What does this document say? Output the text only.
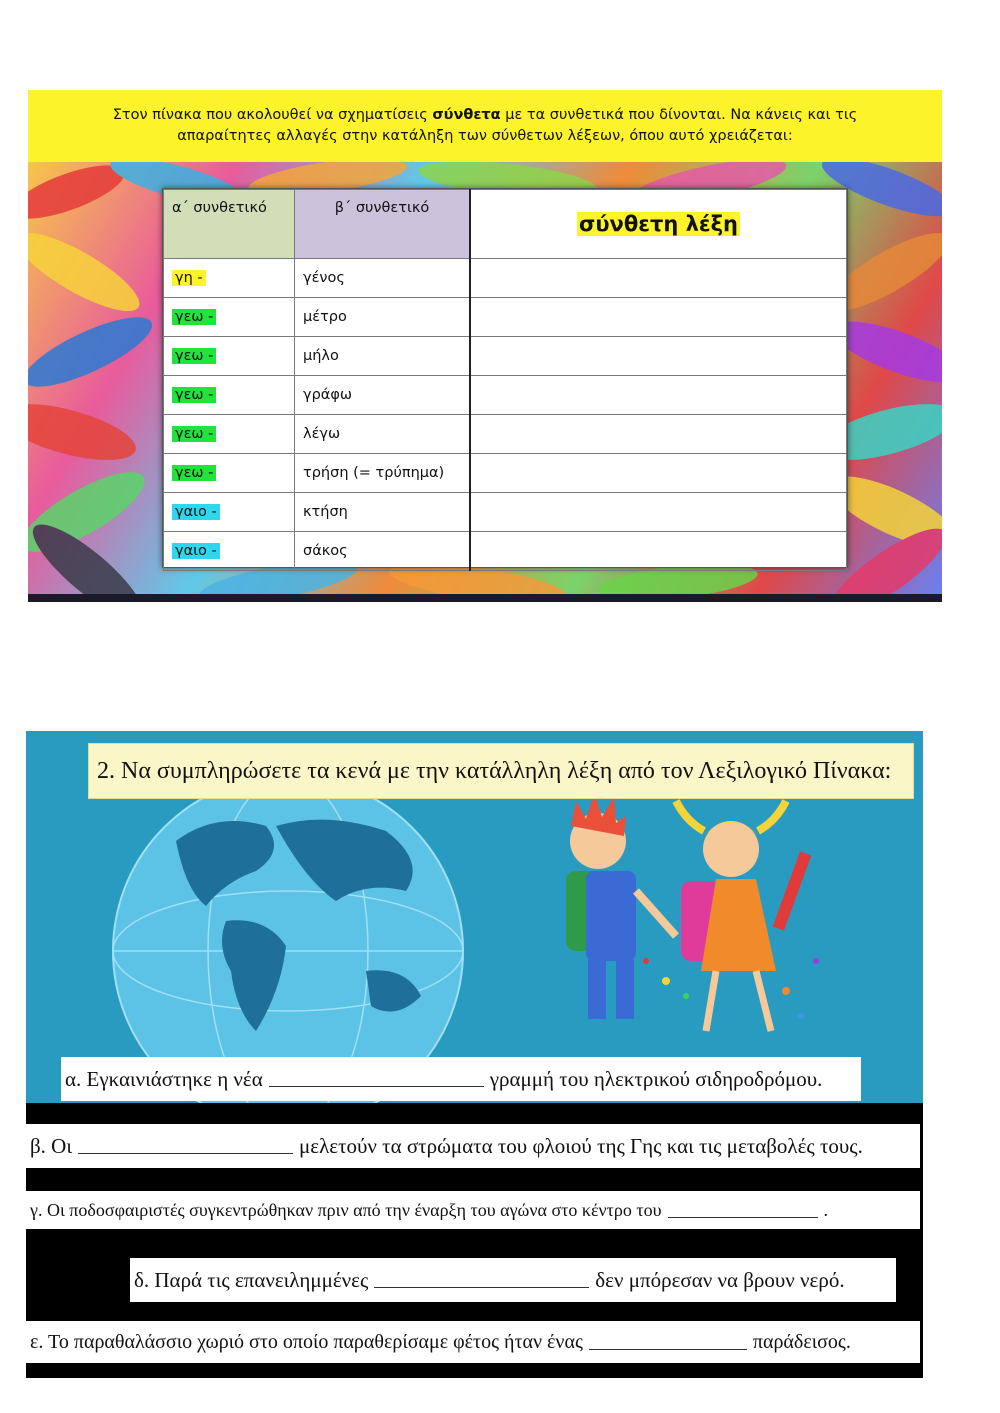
Στον πίνακα που ακολουθεί να σχηματίσεις σύνθετα με τα συνθετικά που δίνονται. Να κάνεις και τις
απαραίτητες αλλαγές στην κατάληξη των σύνθετων λέξεων, όπου αυτό χρειάζεται:
α΄ συνθετικό	β΄ συνθετικό	σύνθετη λέξη
γη -	γένος	
γεω -	μέτρο	
γεω -	μήλο	
γεω -	γράφω	
γεω -	λέγω	
γεω -	τρήση (= τρύπημα)	
γαιο -	κτήση	
γαιο -	σάκος	
2. Να συμπληρώσετε τα κενά με την κατάλληλη λέξη από τον Λεξιλογικό Πίνακα:
α. Εγκαινιάστηκε η νέα	γραμμή του ηλεκτρικού σιδηροδρόμου.
β. Οι	μελετούν τα στρώματα του φλοιού της Γης και τις μεταβολές τους.
γ. Οι ποδοσφαιριστές συγκεντρώθηκαν πριν από την έναρξη του αγώνα στο κέντρο του	.
δ. Παρά τις επανειλημμένες	δεν μπόρεσαν να βρουν νερό.
ε. Το παραθαλάσσιο χωριό στο οποίο παραθερίσαμε φέτος ήταν ένας	παράδεισος.
